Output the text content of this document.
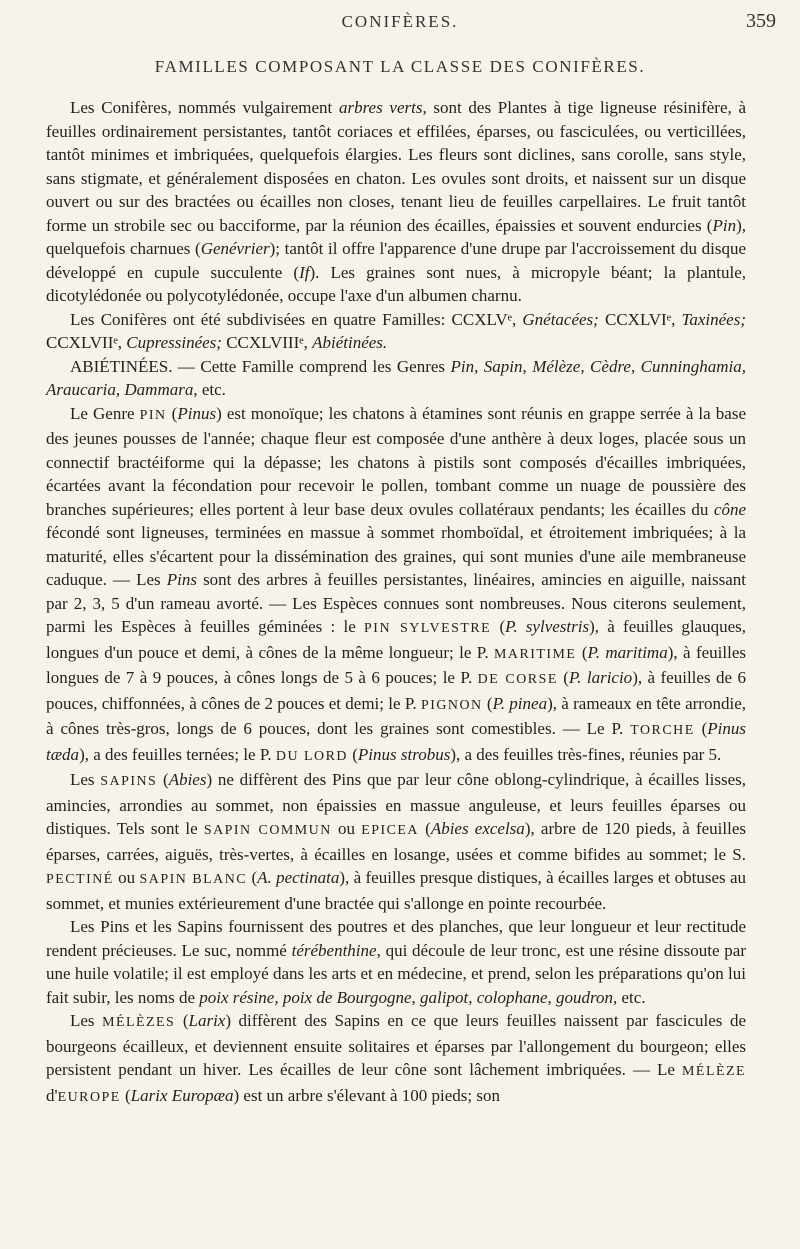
CONIFÈRES.	359
FAMILLES COMPOSANT LA CLASSE DES CONIFÈRES.

Les Conifères, nommés vulgairement arbres verts, sont des Plantes à tige ligneuse résinifère, à feuilles ordinairement persistantes, tantôt coriaces et effilées, éparses, ou fasciculées, ou verticillées, tantôt minimes et imbriquées, quelquefois élargies. Les fleurs sont diclines, sans corolle, sans style, sans stigmate, et généralement disposées en chaton. Les ovules sont droits, et naissent sur un disque ouvert ou sur des bractées ou écailles non closes, tenant lieu de feuilles carpellaires. Le fruit tantôt forme un strobile sec ou bacciforme, par la réunion des écailles, épaissies et souvent endurcies (Pin), quelquefois charnues (Genévrier); tantôt il offre l'apparence d'une drupe par l'accroissement du disque développé en cupule succulente (If). Les graines sont nues, à micropyle béant; la plantule, dicotylédonée ou polycotylédonée, occupe l'axe d'un albumen charnu.

Les Conifères ont été subdivisées en quatre Familles: CCXLVᵉ, Gnétacées; CCXLVIᵉ, Taxinées; CCXLVIIᵉ, Cupressinées; CCXLVIIIᵉ, Abiétinées.

ABIÉTINÉES. — Cette Famille comprend les Genres Pin, Sapin, Mélèze, Cèdre, Cunninghamia, Araucaria, Dammara, etc.

Le Genre PIN (Pinus) est monoïque; les chatons à étamines sont réunis en grappe serrée à la base des jeunes pousses de l'année; chaque fleur est composée d'une anthère à deux loges, placée sous un connectif bractéiforme qui la dépasse; les chatons à pistils sont composés d'écailles imbriquées, écartées avant la fécondation pour recevoir le pollen, tombant comme un nuage de poussière des branches supérieures; elles portent à leur base deux ovules collatéraux pendants; les écailles du cône fécondé sont ligneuses, terminées en massue à sommet rhomboïdal, et étroitement imbriquées; à la maturité, elles s'écartent pour la dissémination des graines, qui sont munies d'une aile membraneuse caduque. — Les Pins sont des arbres à feuilles persistantes, linéaires, amincies en aiguille, naissant par 2, 3, 5 d'un rameau avorté. — Les Espèces connues sont nombreuses. Nous citerons seulement, parmi les Espèces à feuilles géminées : le PIN SYLVESTRE (P. sylvestris), à feuilles glauques, longues d'un pouce et demi, à cônes de la même longueur; le P. MARITIME (P. maritima), à feuilles longues de 7 à 9 pouces, à cônes longs de 5 à 6 pouces; le P. DE CORSE (P. laricio), à feuilles de 6 pouces, chiffonnées, à cônes de 2 pouces et demi; le P. PIGNON (P. pinea), à rameaux en tête arrondie, à cônes très-gros, longs de 6 pouces, dont les graines sont comestibles. — Le P. TORCHE (Pinus tæda), a des feuilles ternées; le P. DU LORD (Pinus strobus), a des feuilles très-fines, réunies par 5.

Les SAPINS (Abies) ne diffèrent des Pins que par leur cône oblong-cylindrique, à écailles lisses, amincies, arrondies au sommet, non épaissies en massue anguleuse, et leurs feuilles éparses ou distiques. Tels sont le SAPIN COMMUN ou EPICEA (Abies excelsa), arbre de 120 pieds, à feuilles éparses, carrées, aiguës, très-vertes, à écailles en losange, usées et comme bifides au sommet; le S. PECTINÉ ou SAPIN BLANC (A. pectinata), à feuilles presque distiques, à écailles larges et obtuses au sommet, et munies extérieurement d'une bractée qui s'allonge en pointe recourbée.

Les Pins et les Sapins fournissent des poutres et des planches, que leur longueur et leur rectitude rendent précieuses. Le suc, nommé térébenthine, qui découle de leur tronc, est une résine dissoute par une huile volatile; il est employé dans les arts et en médecine, et prend, selon les préparations qu'on lui fait subir, les noms de poix résine, poix de Bourgogne, galipot, colophane, goudron, etc.

Les MÉLÈZES (Larix) diffèrent des Sapins en ce que leurs feuilles naissent par fascicules de bourgeons écailleux, et deviennent ensuite solitaires et éparses par l'allongement du bourgeon; elles persistent pendant un hiver. Les écailles de leur cône sont lâchement imbriquées. — Le MÉLÈZE d'EUROPE (Larix Europæa) est un arbre s'élevant à 100 pieds; son
